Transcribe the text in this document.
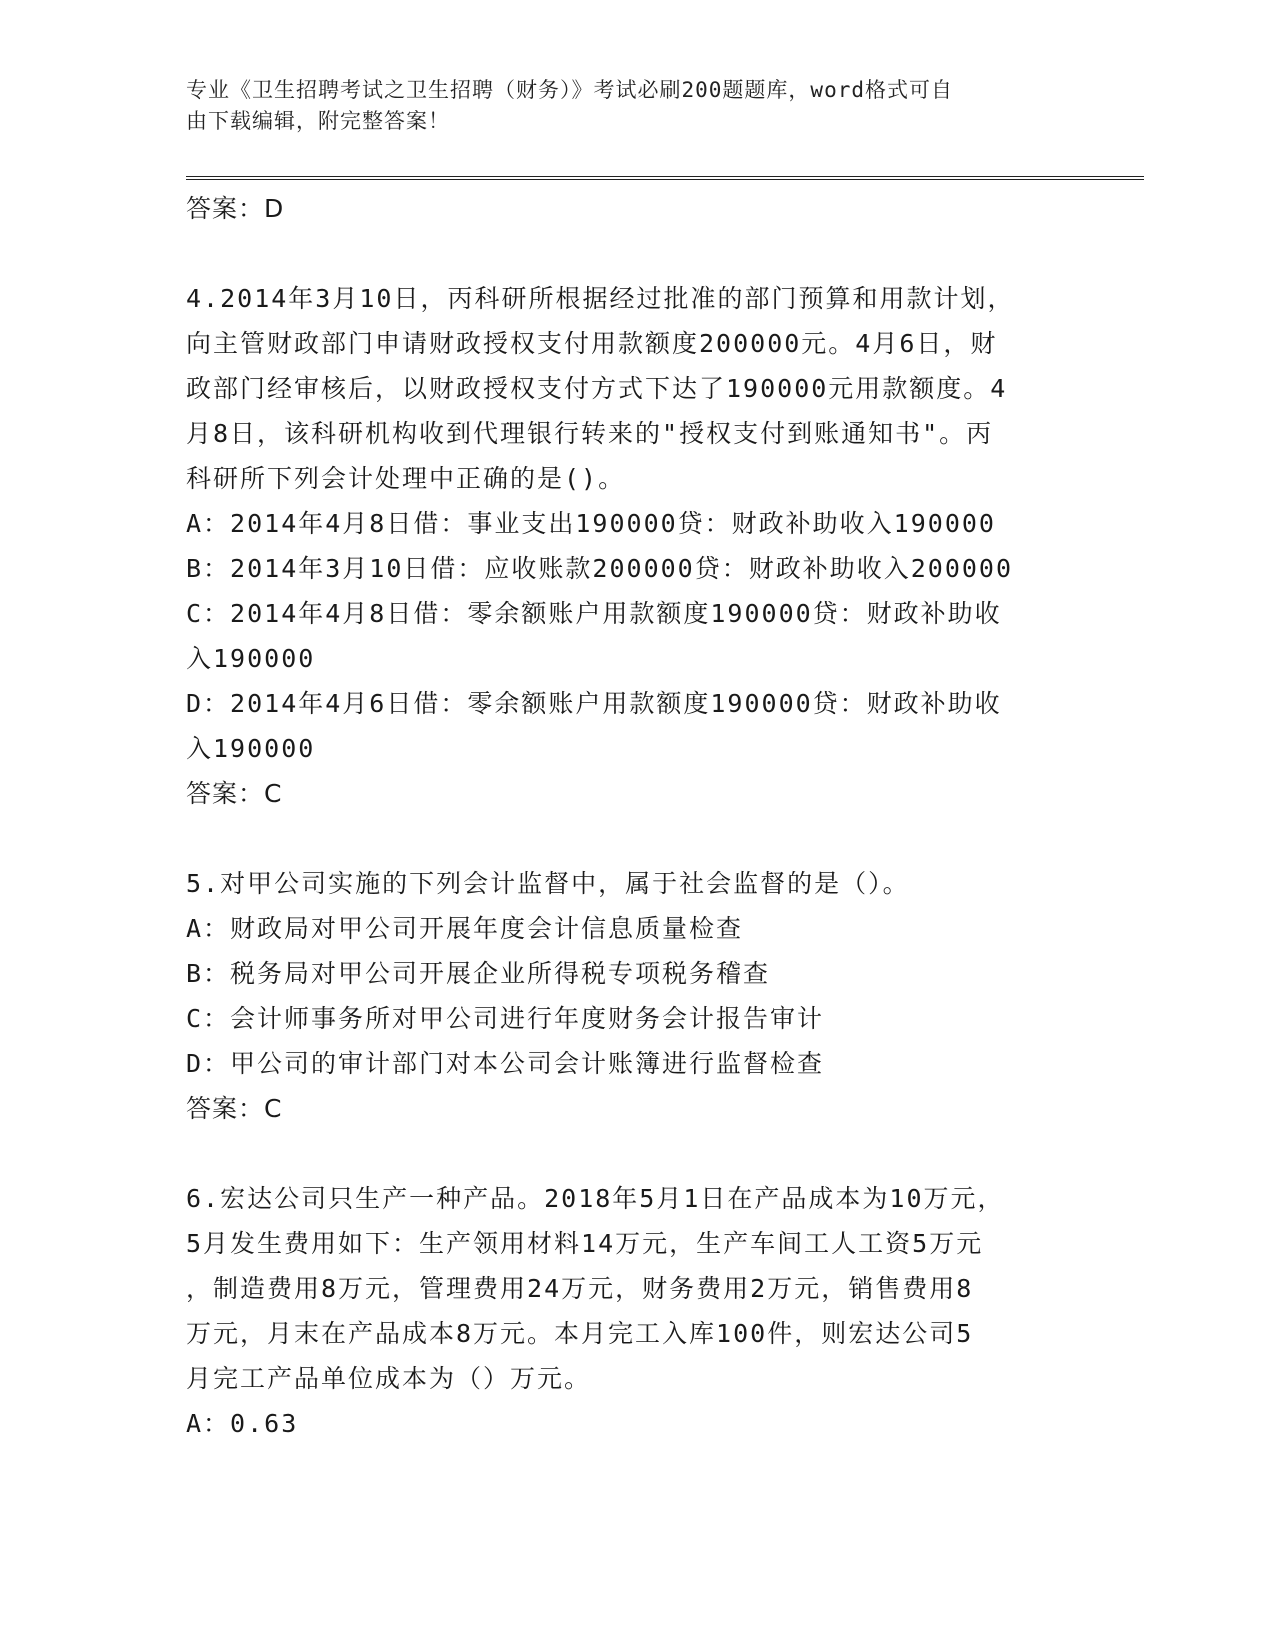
专业《卫生招聘考试之卫生招聘（财务）》考试必刷200题题库，word格式可自
由下载编辑，附完整答案！
答案：D
4.2014年3月10日，丙科研所根据经过批准的部门预算和用款计划，
向主管财政部门申请财政授权支付用款额度200000元。4月6日，财
政部门经审核后，以财政授权支付方式下达了190000元用款额度。4
月8日，该科研机构收到代理银行转来的"授权支付到账通知书"。丙
科研所下列会计处理中正确的是()。
A：2014年4月8日借：事业支出190000贷：财政补助收入190000
B：2014年3月10日借：应收账款200000贷：财政补助收入200000
C：2014年4月8日借：零余额账户用款额度190000贷：财政补助收
入190000
D：2014年4月6日借：零余额账户用款额度190000贷：财政补助收
入190000
答案：C
5.对甲公司实施的下列会计监督中，属于社会监督的是（）。
A：财政局对甲公司开展年度会计信息质量检查
B：税务局对甲公司开展企业所得税专项税务稽查
C：会计师事务所对甲公司进行年度财务会计报告审计
D：甲公司的审计部门对本公司会计账簿进行监督检查
答案：C
6.宏达公司只生产一种产品。2018年5月1日在产品成本为10万元，
5月发生费用如下：生产领用材料14万元，生产车间工人工资5万元
，制造费用8万元，管理费用24万元，财务费用2万元，销售费用8
万元，月末在产品成本8万元。本月完工入库100件，则宏达公司5
月完工产品单位成本为（）万元。
A：0.63
